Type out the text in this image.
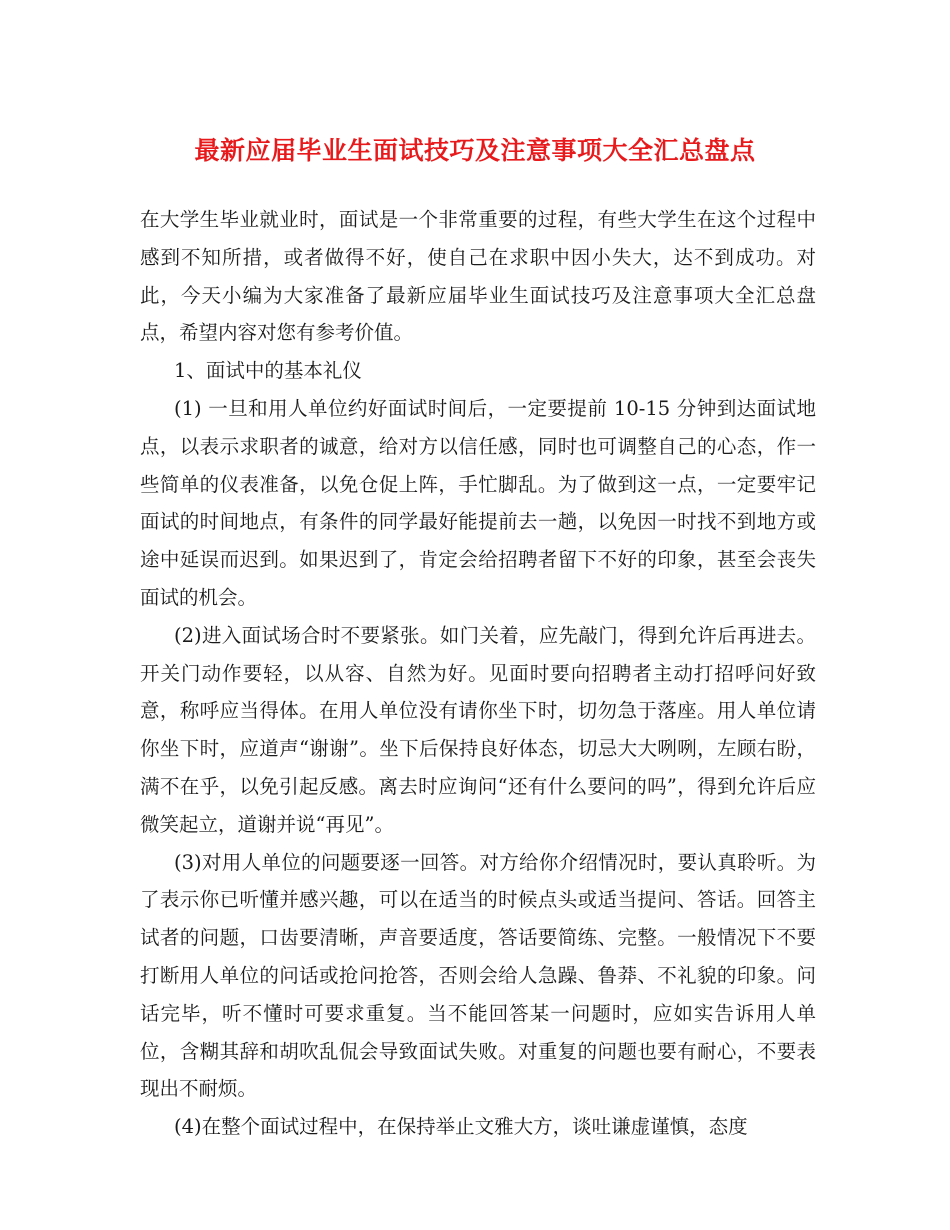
最新应届毕业生面试技巧及注意事项大全汇总盘点

在大学生毕业就业时，面试是一个非常重要的过程，有些大学生在这个过程中感到不知所措，或者做得不好，使自己在求职中因小失大，达不到成功。对此，今天小编为大家准备了最新应届毕业生面试技巧及注意事项大全汇总盘点，希望内容对您有参考价值。

1、面试中的基本礼仪

(1) 一旦和用人单位约好面试时间后，一定要提前 10-15 分钟到达面试地点，以表示求职者的诚意，给对方以信任感，同时也可调整自己的心态，作一些简单的仪表准备，以免仓促上阵，手忙脚乱。为了做到这一点，一定要牢记面试的时间地点，有条件的同学最好能提前去一趟，以免因一时找不到地方或途中延误而迟到。如果迟到了，肯定会给招聘者留下不好的印象，甚至会丧失面试的机会。

(2)进入面试场合时不要紧张。如门关着，应先敲门，得到允许后再进去。开关门动作要轻，以从容、自然为好。见面时要向招聘者主动打招呼问好致意，称呼应当得体。在用人单位没有请你坐下时，切勿急于落座。用人单位请你坐下时，应道声“谢谢”。坐下后保持良好体态，切忌大大咧咧，左顾右盼，满不在乎，以免引起反感。离去时应询问“还有什么要问的吗”，得到允许后应微笑起立，道谢并说“再见”。

(3)对用人单位的问题要逐一回答。对方给你介绍情况时，要认真聆听。为了表示你已听懂并感兴趣，可以在适当的时候点头或适当提问、答话。回答主试者的问题，口齿要清晰，声音要适度，答话要简练、完整。一般情况下不要打断用人单位的问话或抢问抢答，否则会给人急躁、鲁莽、不礼貌的印象。问话完毕，听不懂时可要求重复。当不能回答某一问题时，应如实告诉用人单位，含糊其辞和胡吹乱侃会导致面试失败。对重复的问题也要有耐心，不要表现出不耐烦。

(4)在整个面试过程中，在保持举止文雅大方，谈吐谦虚谨慎，态度
